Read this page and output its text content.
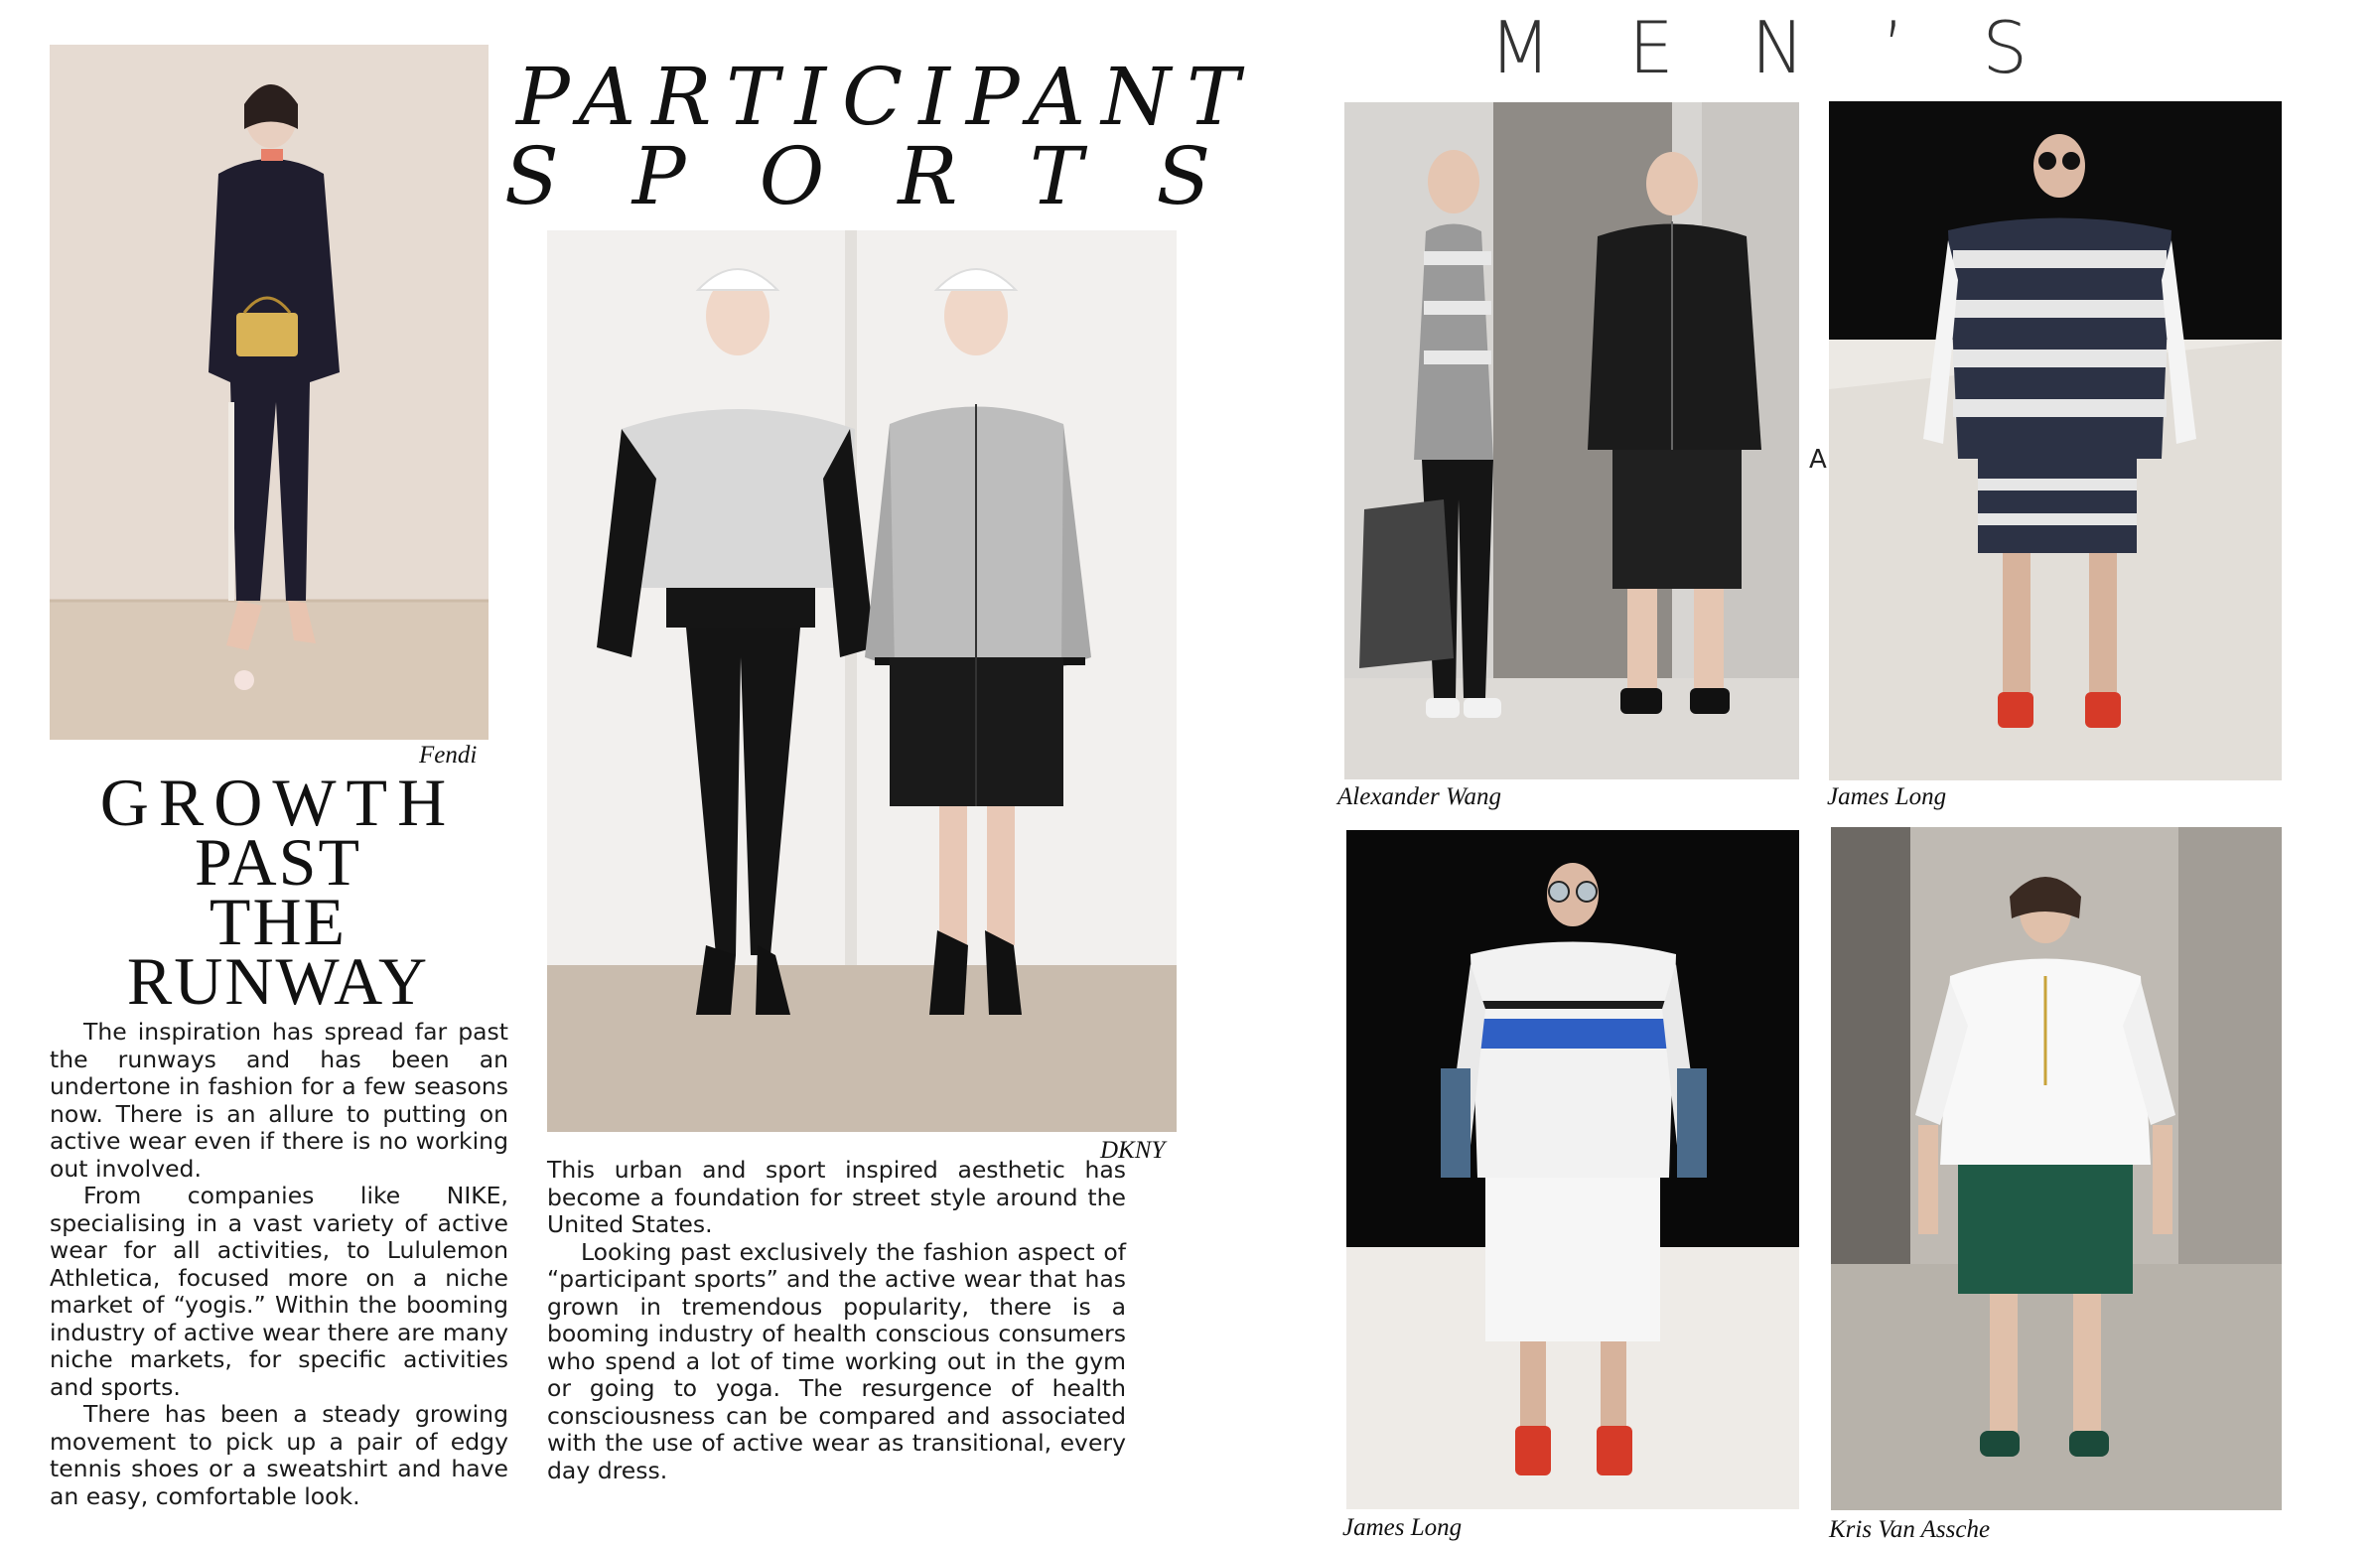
PARTICIPANT
SPORTS
MEN’S
Fendi
GROWTH
PAST
THE
RUNWAY

The inspiration has spread far past the runways and has been an undertone in fashion for a few seasons now. There is an allure to putting on active wear even if there is no working out involved.

From companies like NIKE, specialising in a vast variety of active wear for all activities, to Lululemon Athletica, focused more on a niche market of “yogis.” Within the booming industry of active wear there are many niche markets, for specific activities and sports.

There has been a steady growing movement to pick up a pair of edgy tennis shoes or a sweatshirt and have an easy, comfortable look.

DKNY

This urban and sport inspired aesthetic has become a foundation for street style around the United States.

Looking past exclusively the fashion aspect of “participant sports” and the active wear that has grown in tremendous popularity, there is a booming industry of health conscious consumers who spend a lot of time working out in the gym or going to yoga. The resurgence of health consciousness can be compared and associated with the use of active wear as transitional, every day dress.

Alexander Wang
A
James Long
James Long	Kris Van Assche
